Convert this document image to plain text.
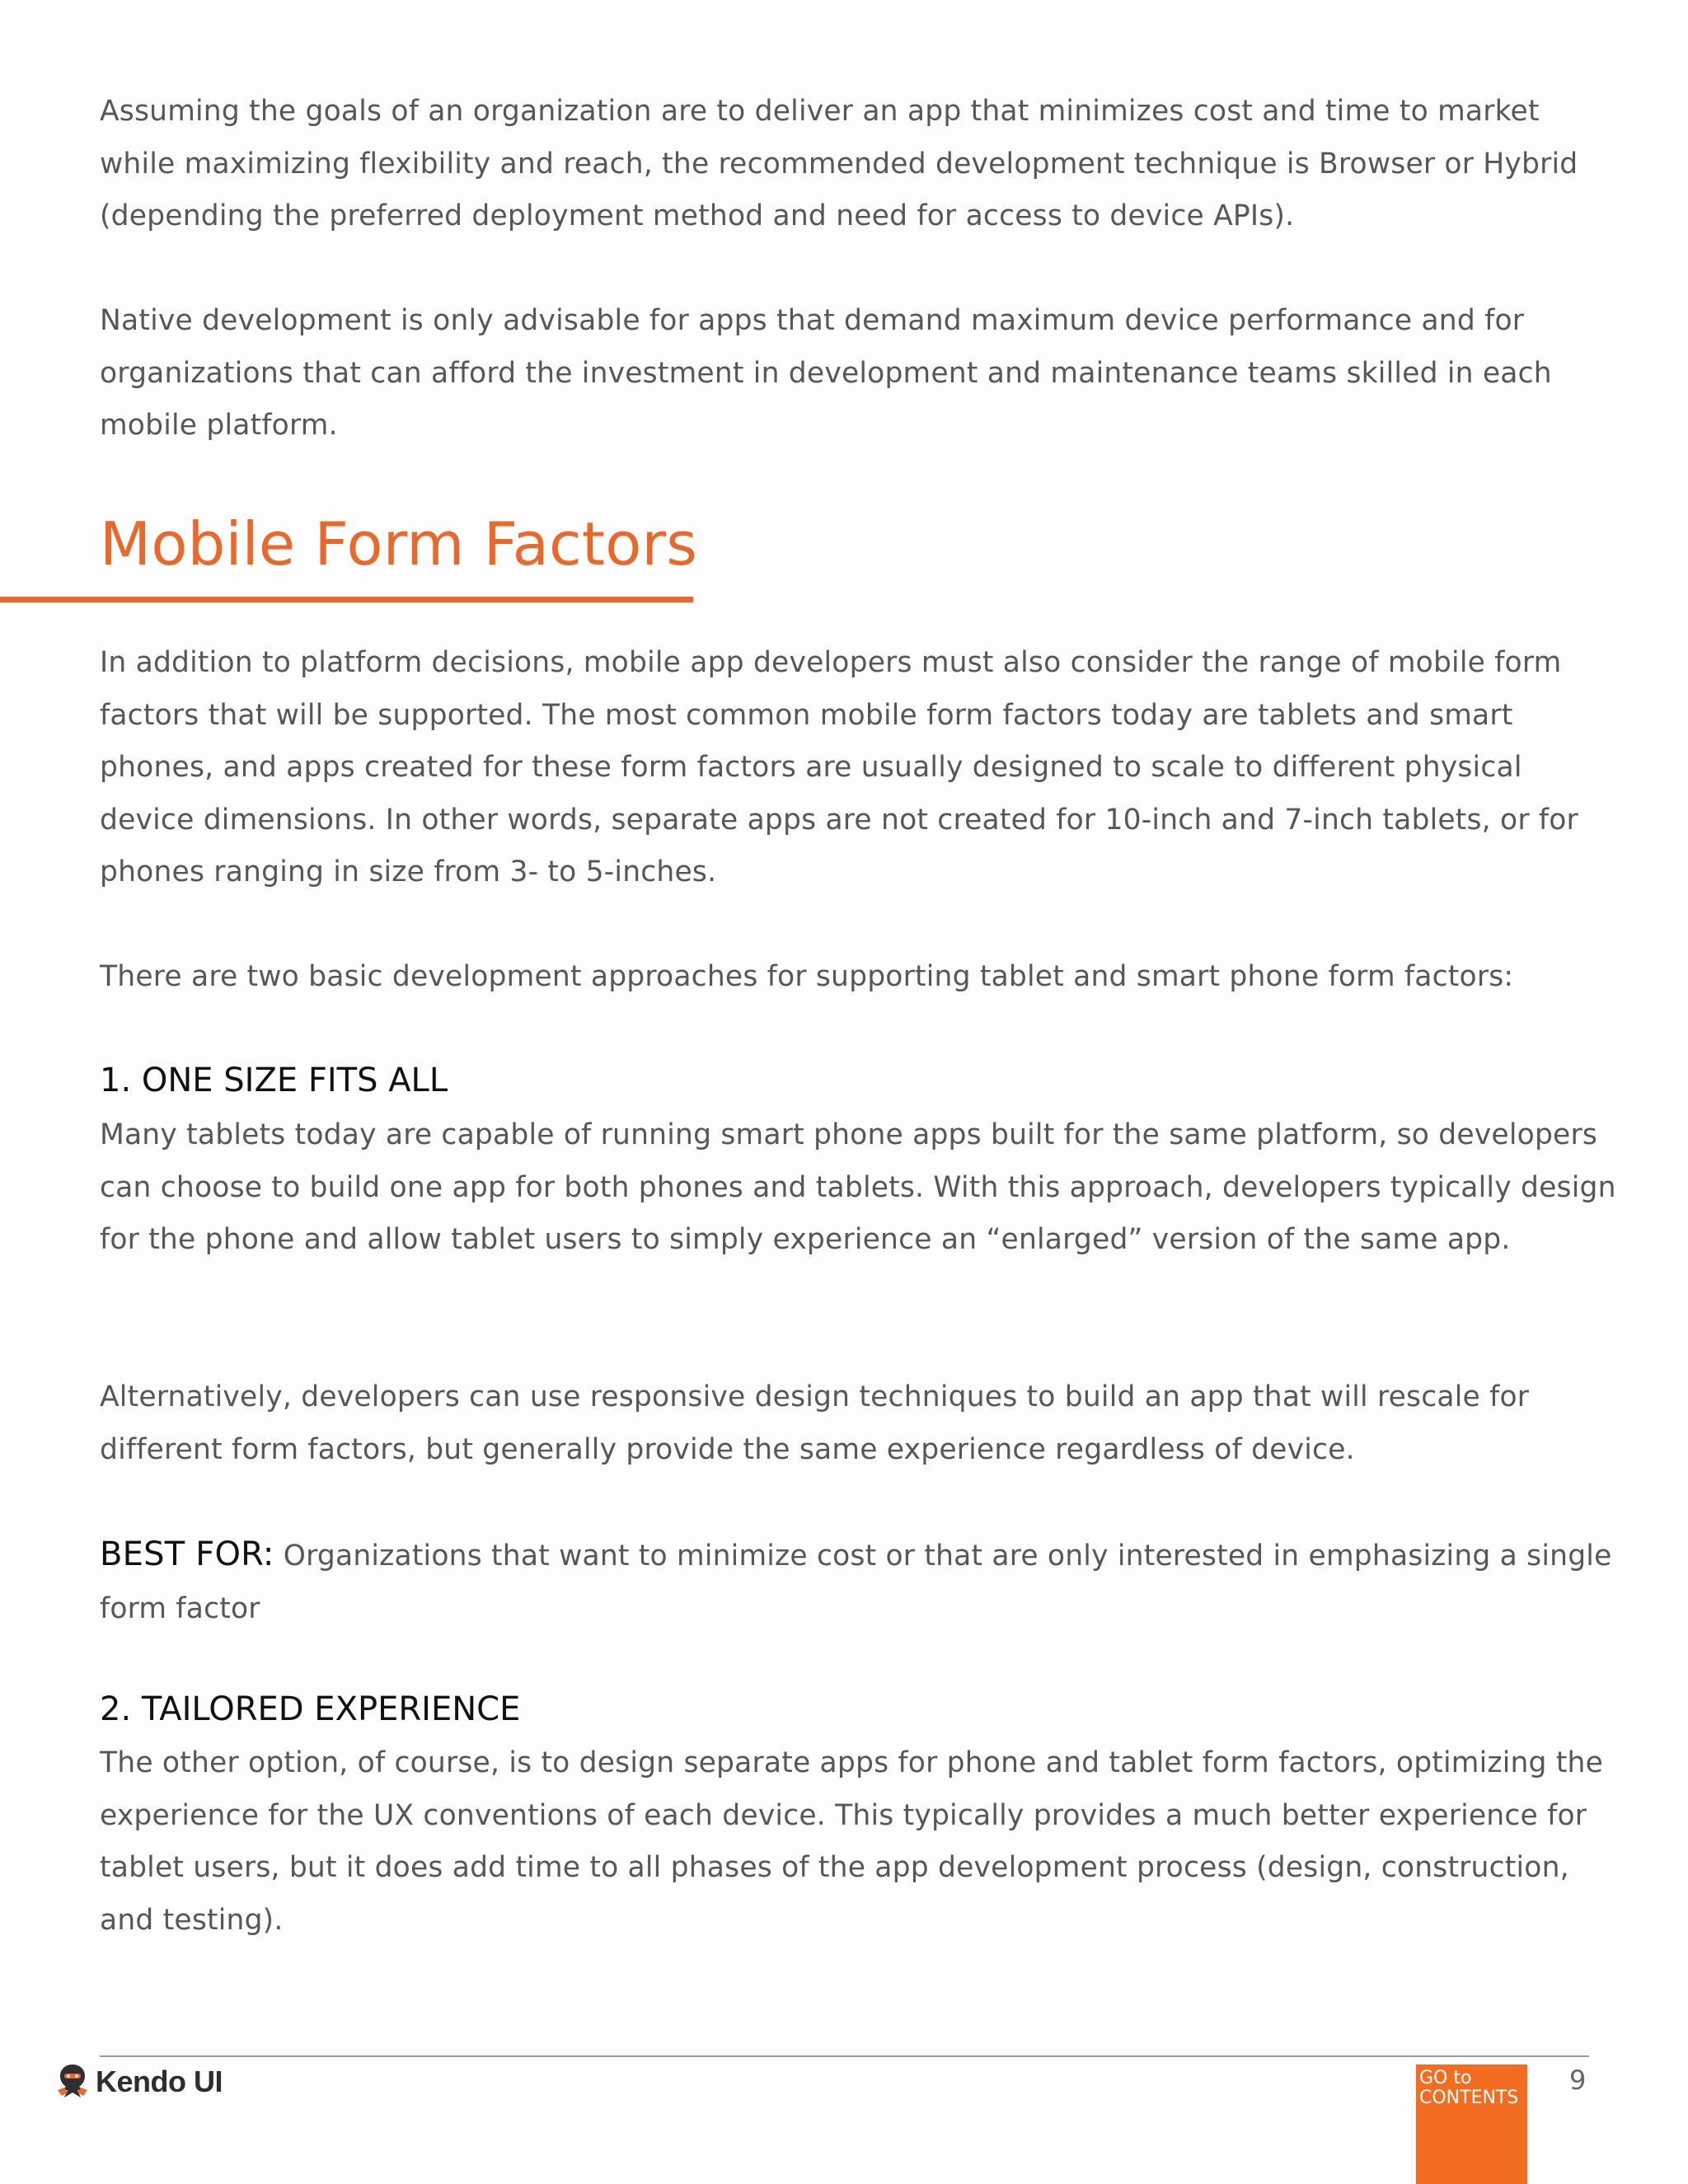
Assuming the goals of an organization are to deliver an app that minimizes cost and time to market while maximizing flexibility and reach, the recommended development technique is Browser or Hybrid (depending the preferred deployment method and need for access to device APIs).

Native development is only advisable for apps that demand maximum device performance and for organizations that can afford the investment in development and maintenance teams skilled in each mobile platform.

Mobile Form Factors

In addition to platform decisions, mobile app developers must also consider the range of mobile form factors that will be supported. The most common mobile form factors today are tablets and smart phones, and apps created for these form factors are usually designed to scale to different physical device dimensions. In other words, separate apps are not created for 10-inch and 7-inch tablets, or for phones ranging in size from 3- to 5-inches.

There are two basic development approaches for supporting tablet and smart phone form factors:

1. ONE SIZE FITS ALL

Many tablets today are capable of running smart phone apps built for the same platform, so developers can choose to build one app for both phones and tablets. With this approach, developers typically design for the phone and allow tablet users to simply experience an “enlarged” version of the same app.

Alternatively, developers can use responsive design techniques to build an app that will rescale for different form factors, but generally provide the same experience regardless of device.

BEST FOR: Organizations that want to minimize cost or that are only interested in emphasizing a single form factor

2. TAILORED EXPERIENCE

The other option, of course, is to design separate apps for phone and tablet form factors, optimizing the experience for the UX conventions of each device. This typically provides a much better experience for tablet users, but it does add time to all phases of the app development process (design, construction, and testing).

Kendo UI	GO to
CONTENTS
9
